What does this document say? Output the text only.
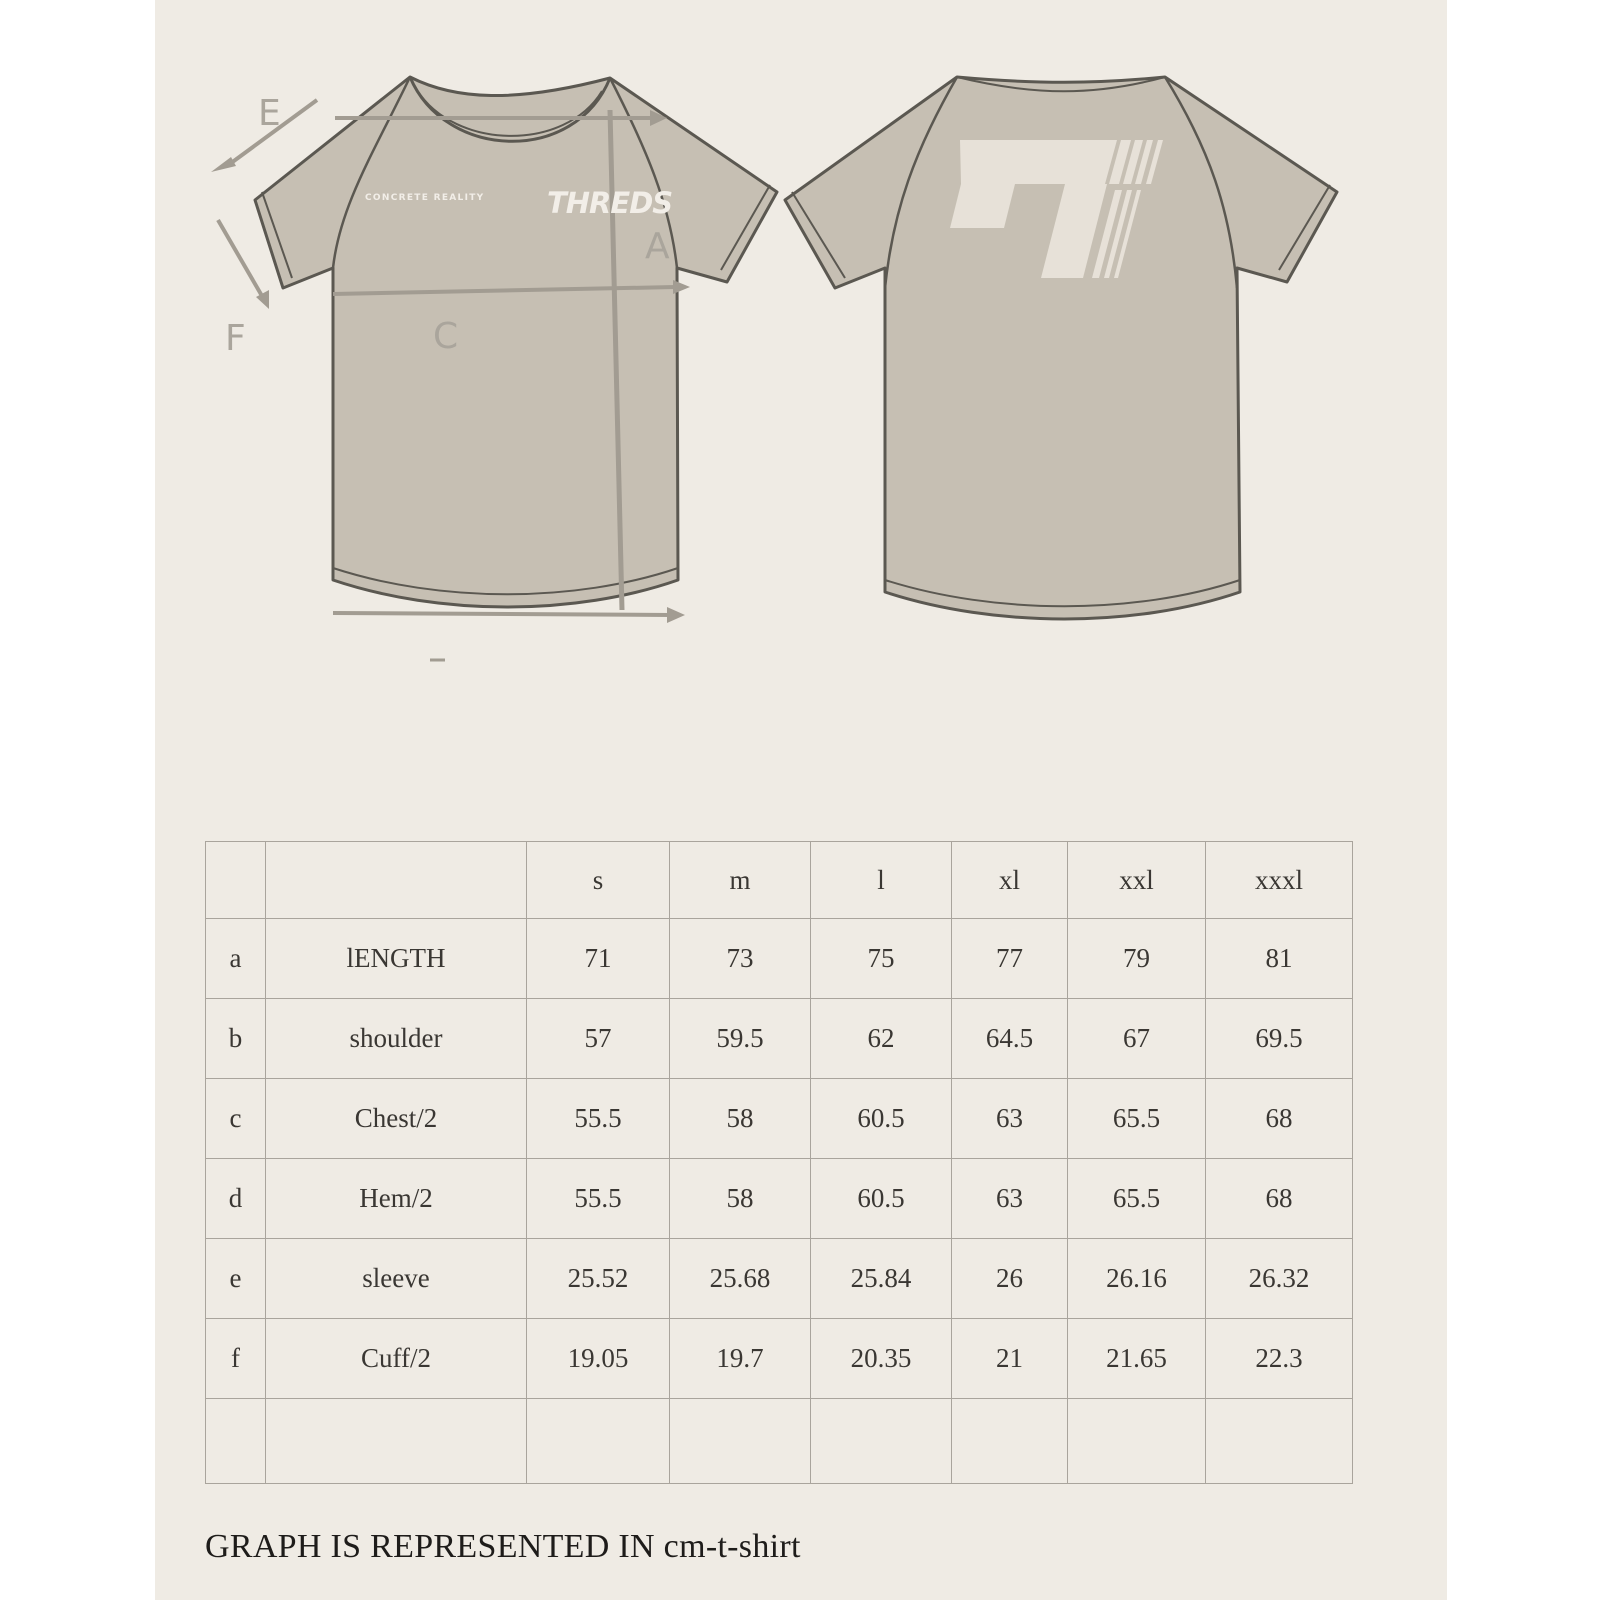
E
F	C
A
CONCRETE REALITY THREDS
		s	m	l	xl	xxl	xxxl
a	lENGTH	71	73	75	77	79	81
b	shoulder	57	59.5	62	64.5	67	69.5
c	Chest/2	55.5	58	60.5	63	65.5	68
d	Hem/2	55.5	58	60.5	63	65.5	68
e	sleeve	25.52	25.68	25.84	26	26.16	26.32
f	Cuff/2	19.05	19.7	20.35	21	21.65	22.3

GRAPH IS REPRESENTED IN cm-t-shirt
